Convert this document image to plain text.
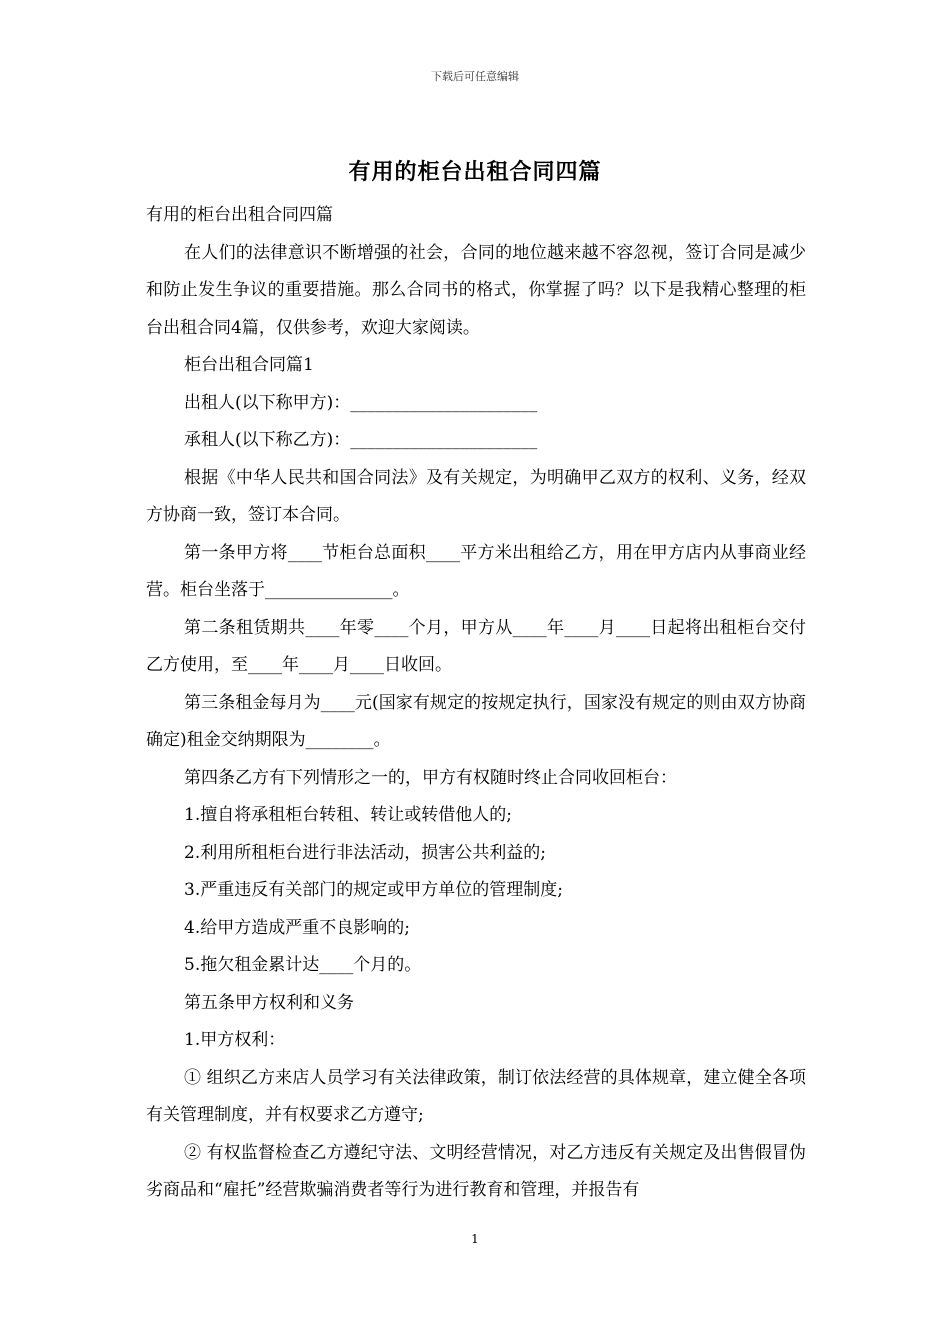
下载后可任意编辑
有用的柜台出租合同四篇

有用的柜台出租合同四篇

在人们的法律意识不断增强的社会，合同的地位越来越不容忽视，签订合同是减少和防止发生争议的重要措施。那么合同书的格式，你掌握了吗？以下是我精心整理的柜台出租合同4篇，仅供参考，欢迎大家阅读。

柜台出租合同篇1

出租人(以下称甲方)：______________________

承租人(以下称乙方)：______________________

根据《中华人民共和国合同法》及有关规定，为明确甲乙双方的权利、义务，经双方协商一致，签订本合同。

第一条甲方将____节柜台总面积____平方米出租给乙方，用在甲方店内从事商业经营。柜台坐落于_______________。

第二条租赁期共____年零____个月，甲方从____年____月____日起将出租柜台交付乙方使用，至____年____月____日收回。

第三条租金每月为____元(国家有规定的按规定执行，国家没有规定的则由双方协商确定)租金交纳期限为________。

第四条乙方有下列情形之一的，甲方有权随时终止合同收回柜台：

1.擅自将承租柜台转租、转让或转借他人的;

2.利用所租柜台进行非法活动，损害公共利益的;

3.严重违反有关部门的规定或甲方单位的管理制度;

4.给甲方造成严重不良影响的;

5.拖欠租金累计达____个月的。

第五条甲方权利和义务

1.甲方权利：

① 组织乙方来店人员学习有关法律政策，制订依法经营的具体规章，建立健全各项有关管理制度，并有权要求乙方遵守;

② 有权监督检查乙方遵纪守法、文明经营情况，对乙方违反有关规定及出售假冒伪劣商品和“雇托”经营欺骗消费者等行为进行教育和管理，并报告有

1
